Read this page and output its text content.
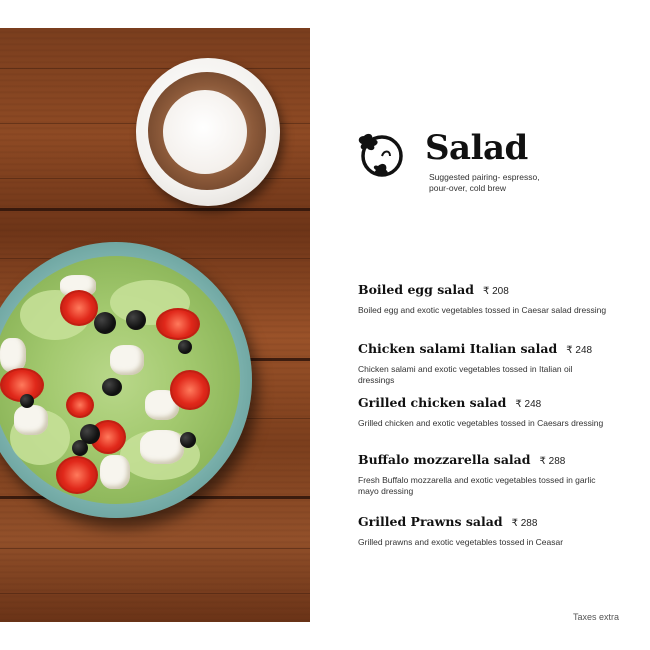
Salad
Suggested pairing- espresso, pour-over, cold brew
Boiled egg salad ₹ 208
Boiled egg and exotic vegetables tossed in Caesar salad dressing
Chicken salami Italian salad ₹ 248
Chicken salami and exotic vegetables tossed in Italian oil dressings
Grilled chicken salad ₹ 248
Grilled chicken and exotic vegetables tossed in Caesars dressing
Buffalo mozzarella salad ₹ 288
Fresh Buffalo mozzarella and exotic vegetables tossed in garlic mayo dressing
Grilled Prawns salad ₹ 288
Grilled prawns and exotic vegetables tossed in Ceasar
Taxes extra
